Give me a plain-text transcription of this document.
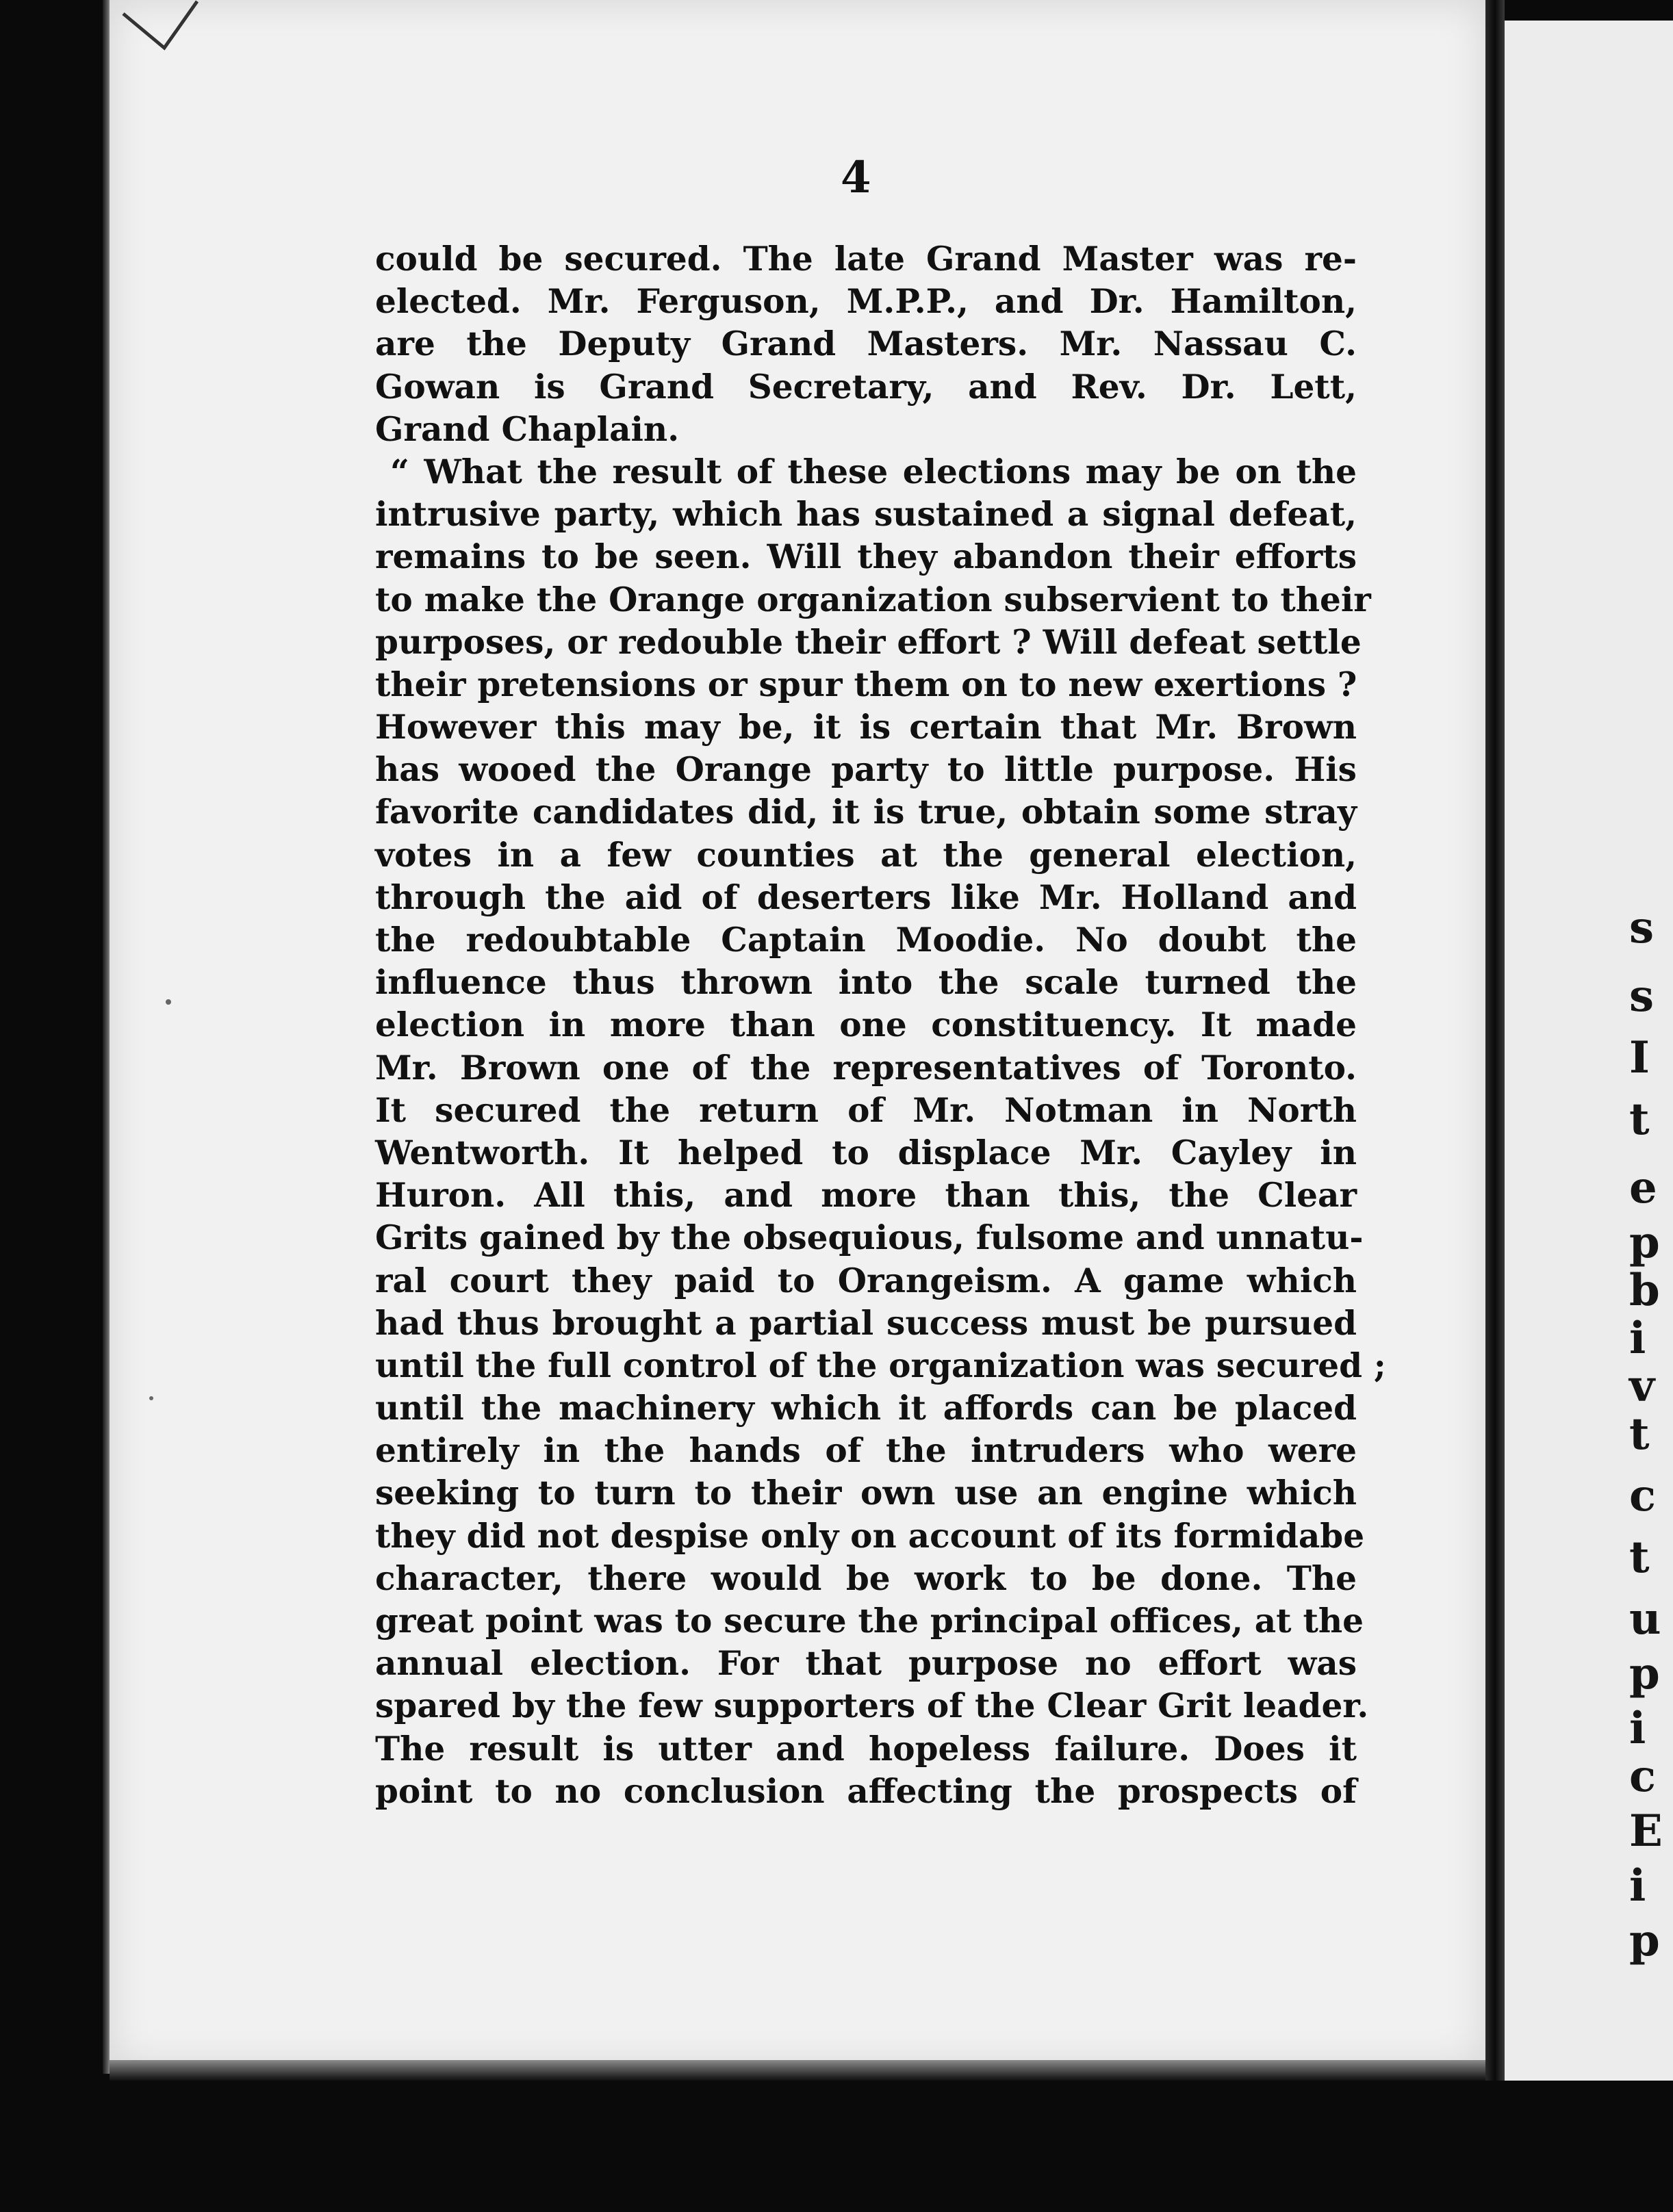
s
s
I
t
e
p
b
i
v
t
c
t
u
p
i
c
E
i
p
4
could be secured. The late Grand Master was re-
elected. Mr. Ferguson, M.P.P., and Dr. Hamilton,
are the Deputy Grand Masters. Mr. Nassau C.
Gowan is Grand Secretary, and Rev. Dr. Lett,
Grand Chaplain.
“ What the result of these elections may be on the
intrusive party, which has sustained a signal defeat,
remains to be seen. Will they abandon their efforts
to make the Orange organization subservient to their
purposes, or redouble their effort ? Will defeat settle
their pretensions or spur them on to new exertions ?
However this may be, it is certain that Mr. Brown
has wooed the Orange party to little purpose. His
favorite candidates did, it is true, obtain some stray
votes in a few counties at the general election,
through the aid of deserters like Mr. Holland and
the redoubtable Captain Moodie. No doubt the
influence thus thrown into the scale turned the
election in more than one constituency. It made
Mr. Brown one of the representatives of Toronto.
It secured the return of Mr. Notman in North
Wentworth. It helped to displace Mr. Cayley in
Huron. All this, and more than this, the Clear
Grits gained by the obsequious, fulsome and unnatu-
ral court they paid to Orangeism. A game which
had thus brought a partial success must be pursued
until the full control of the organization was secured ;
until the machinery which it affords can be placed
entirely in the hands of the intruders who were
seeking to turn to their own use an engine which
they did not despise only on account of its formidabe
character, there would be work to be done. The
great point was to secure the principal offices, at the
annual election. For that purpose no effort was
spared by the few supporters of the Clear Grit leader.
The result is utter and hopeless failure. Does it
point to no conclusion affecting the prospects of
